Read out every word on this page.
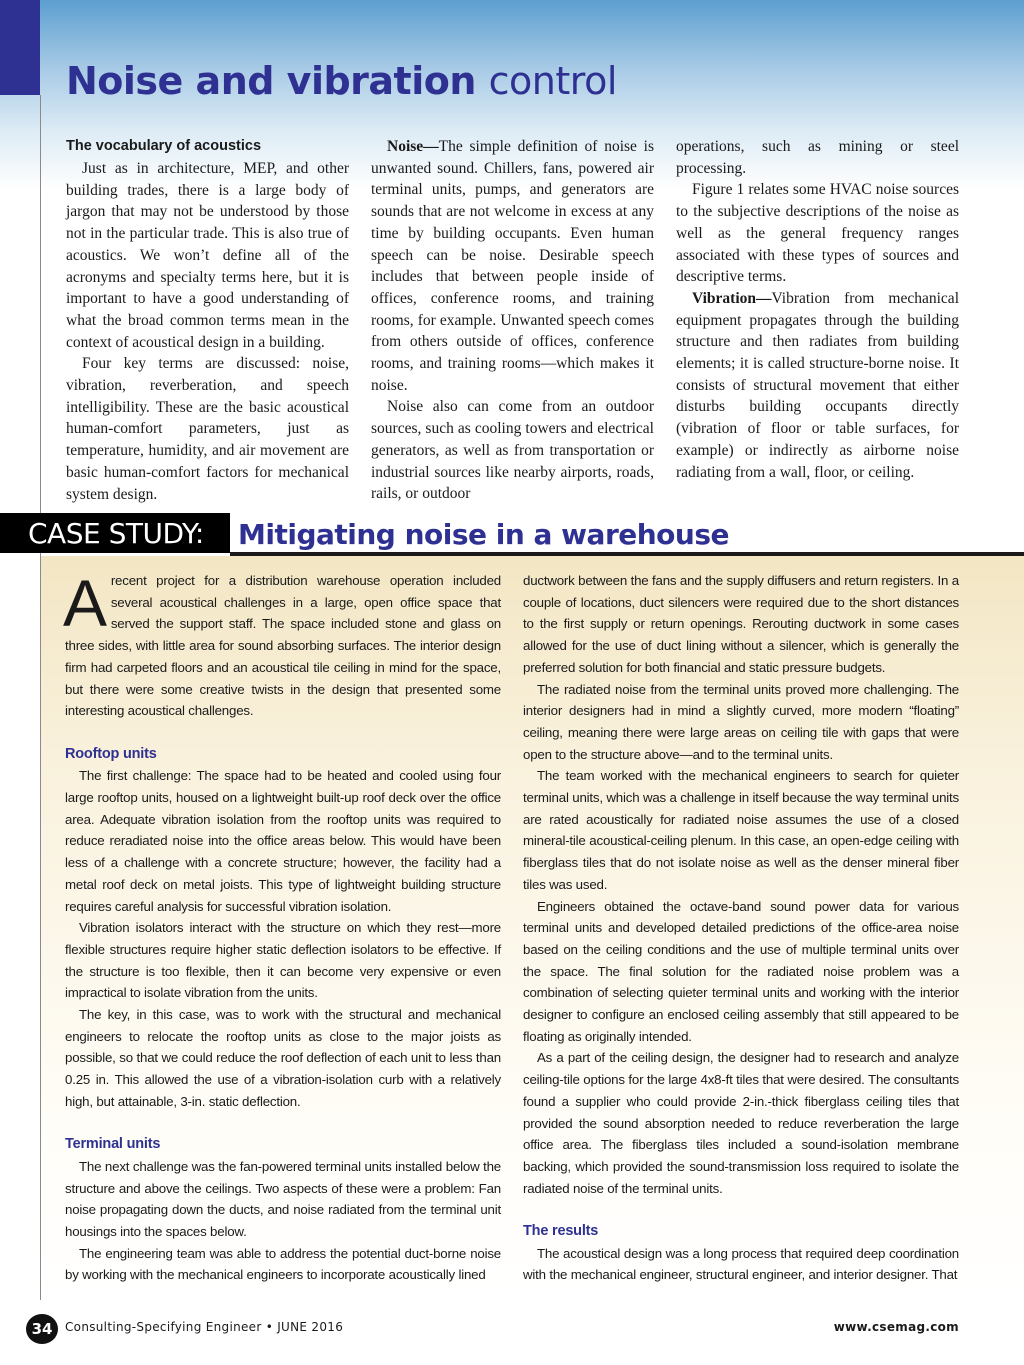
Noise and vibration control
The vocabulary of acoustics

Just as in architecture, MEP, and other building trades, there is a large body of jargon that may not be understood by those not in the particular trade. This is also true of acoustics. We won’t define all of the acronyms and specialty terms here, but it is important to have a good understanding of what the broad common terms mean in the context of acoustical design in a building.

Four key terms are discussed: noise, vibration, reverberation, and speech intelligibility. These are the basic acoustical human-comfort parameters, just as temperature, humidity, and air movement are basic human-comfort factors for mechanical system design.

Noise—The simple definition of noise is unwanted sound. Chillers, fans, powered air terminal units, pumps, and generators are sounds that are not welcome in excess at any time by building occupants. Even human speech can be noise. Desirable speech includes that between people inside of offices, conference rooms, and training rooms, for example. Unwanted speech comes from others outside of offices, conference rooms, and training rooms—which makes it noise.

Noise also can come from an outdoor sources, such as cooling towers and electrical generators, as well as from transportation or industrial sources like nearby airports, roads, rails, or outdoor

operations, such as mining or steel processing.

Figure 1 relates some HVAC noise sources to the subjective descriptions of the noise as well as the general frequency ranges associated with these types of sources and descriptive terms.

Vibration—Vibration from mechanical equipment propagates through the building structure and then radiates from building elements; it is called structure-borne noise. It consists of structural movement that either disturbs building occupants directly (vibration of floor or table surfaces, for example) or indirectly as airborne noise radiating from a wall, floor, or ceiling.

CASE STUDY:	Mitigating noise in a warehouse

Arecent project for a distribution warehouse operation included several acoustical challenges in a large, open office space that served the support staff. The space included stone and glass on three sides, with little area for sound absorbing surfaces. The interior design firm had carpeted floors and an acoustical tile ceiling in mind for the space, but there were some creative twists in the design that presented some interesting acoustical challenges.

Rooftop units

The first challenge: The space had to be heated and cooled using four large rooftop units, housed on a lightweight built-up roof deck over the office area. Adequate vibration isolation from the rooftop units was required to reduce reradiated noise into the office areas below. This would have been less of a challenge with a concrete structure; however, the facility had a metal roof deck on metal joists. This type of lightweight building structure requires careful analysis for successful vibration isolation.

Vibration isolators interact with the structure on which they rest—more flexible structures require higher static deflection isolators to be effective. If the structure is too flexible, then it can become very expensive or even impractical to isolate vibration from the units.

The key, in this case, was to work with the structural and mechanical engineers to relocate the rooftop units as close to the major joists as possible, so that we could reduce the roof deflection of each unit to less than 0.25 in. This allowed the use of a vibration-isolation curb with a relatively high, but attainable, 3-in. static deflection.

Terminal units

The next challenge was the fan-powered terminal units installed below the structure and above the ceilings. Two aspects of these were a problem: Fan noise propagating down the ducts, and noise radiated from the terminal unit housings into the spaces below.

The engineering team was able to address the potential duct-borne noise by working with the mechanical engineers to incorporate acoustically lined

ductwork between the fans and the supply diffusers and return registers. In a couple of locations, duct silencers were required due to the short distances to the first supply or return openings. Rerouting ductwork in some cases allowed for the use of duct lining without a silencer, which is generally the preferred solution for both financial and static pressure budgets.

The radiated noise from the terminal units proved more challenging. The interior designers had in mind a slightly curved, more modern “floating” ceiling, meaning there were large areas on ceiling tile with gaps that were open to the structure above—and to the terminal units.

The team worked with the mechanical engineers to search for quieter terminal units, which was a challenge in itself because the way terminal units are rated acoustically for radiated noise assumes the use of a closed mineral-tile acoustical-ceiling plenum. In this case, an open-edge ceiling with fiberglass tiles that do not isolate noise as well as the denser mineral fiber tiles was used.

Engineers obtained the octave-band sound power data for various terminal units and developed detailed predictions of the office-area noise based on the ceiling conditions and the use of multiple terminal units over the space. The final solution for the radiated noise problem was a combination of selecting quieter terminal units and working with the interior designer to configure an enclosed ceiling assembly that still appeared to be floating as originally intended.

As a part of the ceiling design, the designer had to research and analyze ceiling-tile options for the large 4x8-ft tiles that were desired. The consultants found a supplier who could provide 2-in.-thick fiberglass ceiling tiles that provided the sound absorption needed to reduce reverberation the large office area. The fiberglass tiles included a sound-isolation membrane backing, which provided the sound-transmission loss required to isolate the radiated noise of the terminal units.

The results

The acoustical design was a long process that required deep coordination with the mechanical engineer, structural engineer, and interior designer. That

34	Consulting-Specifying Engineer • JUNE 2016	www.csemag.com
